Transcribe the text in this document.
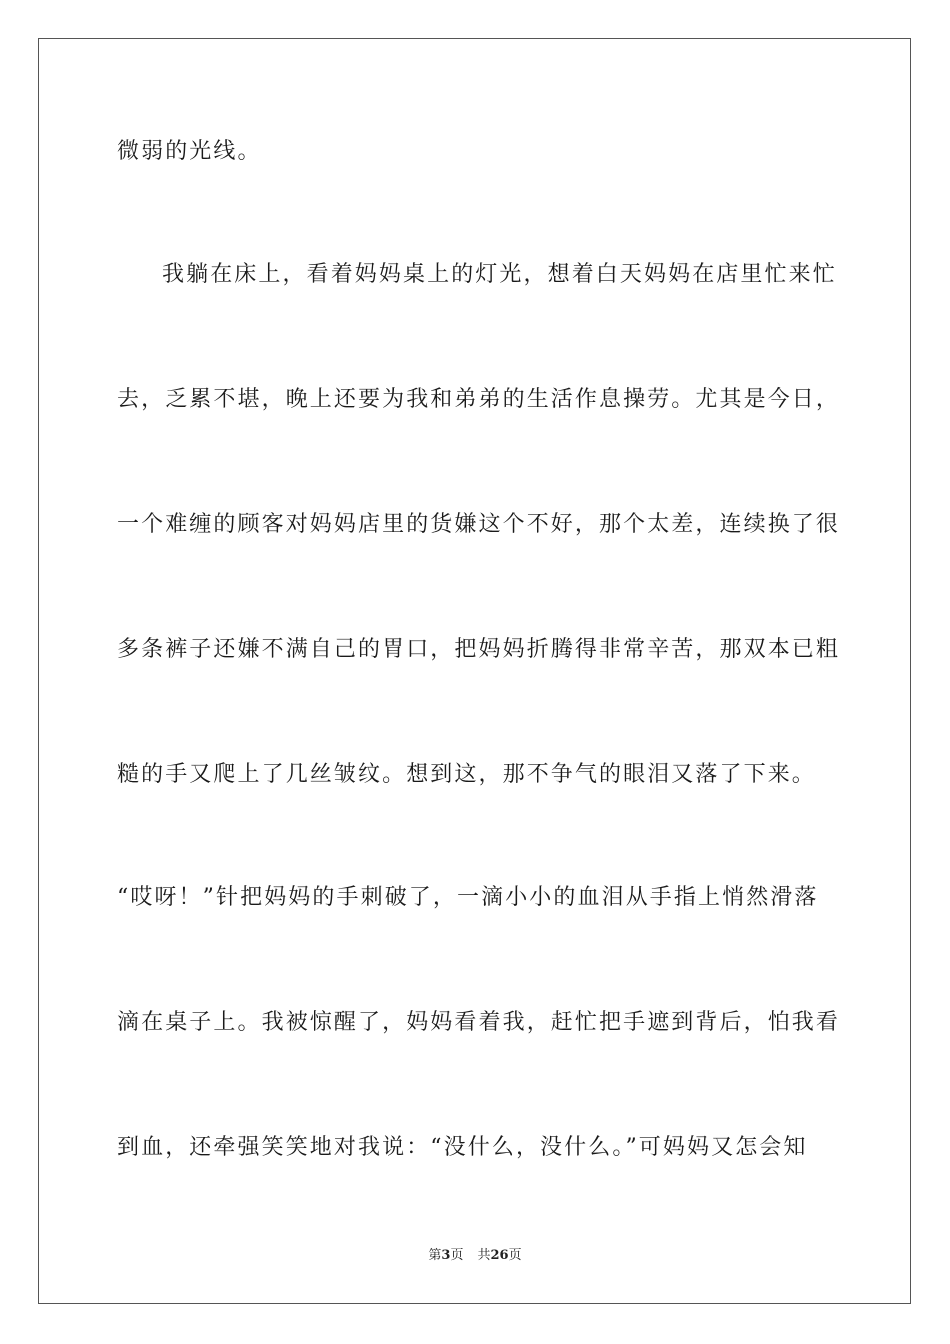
微弱的光线。
我躺在床上，看着妈妈桌上的灯光，想着白天妈妈在店里忙来忙
去，乏累不堪，晚上还要为我和弟弟的生活作息操劳。尤其是今日，
一个难缠的顾客对妈妈店里的货嫌这个不好，那个太差，连续换了很
多条裤子还嫌不满自己的胃口，把妈妈折腾得非常辛苦，那双本已粗
糙的手又爬上了几丝皱纹。想到这，那不争气的眼泪又落了下来。
“哎呀！”针把妈妈的手刺破了，一滴小小的血泪从手指上悄然滑落
滴在桌子上。我被惊醒了，妈妈看着我，赶忙把手遮到背后，怕我看
到血，还牵强笑笑地对我说：“没什么，没什么。”可妈妈又怎会知
第3页 共26页
